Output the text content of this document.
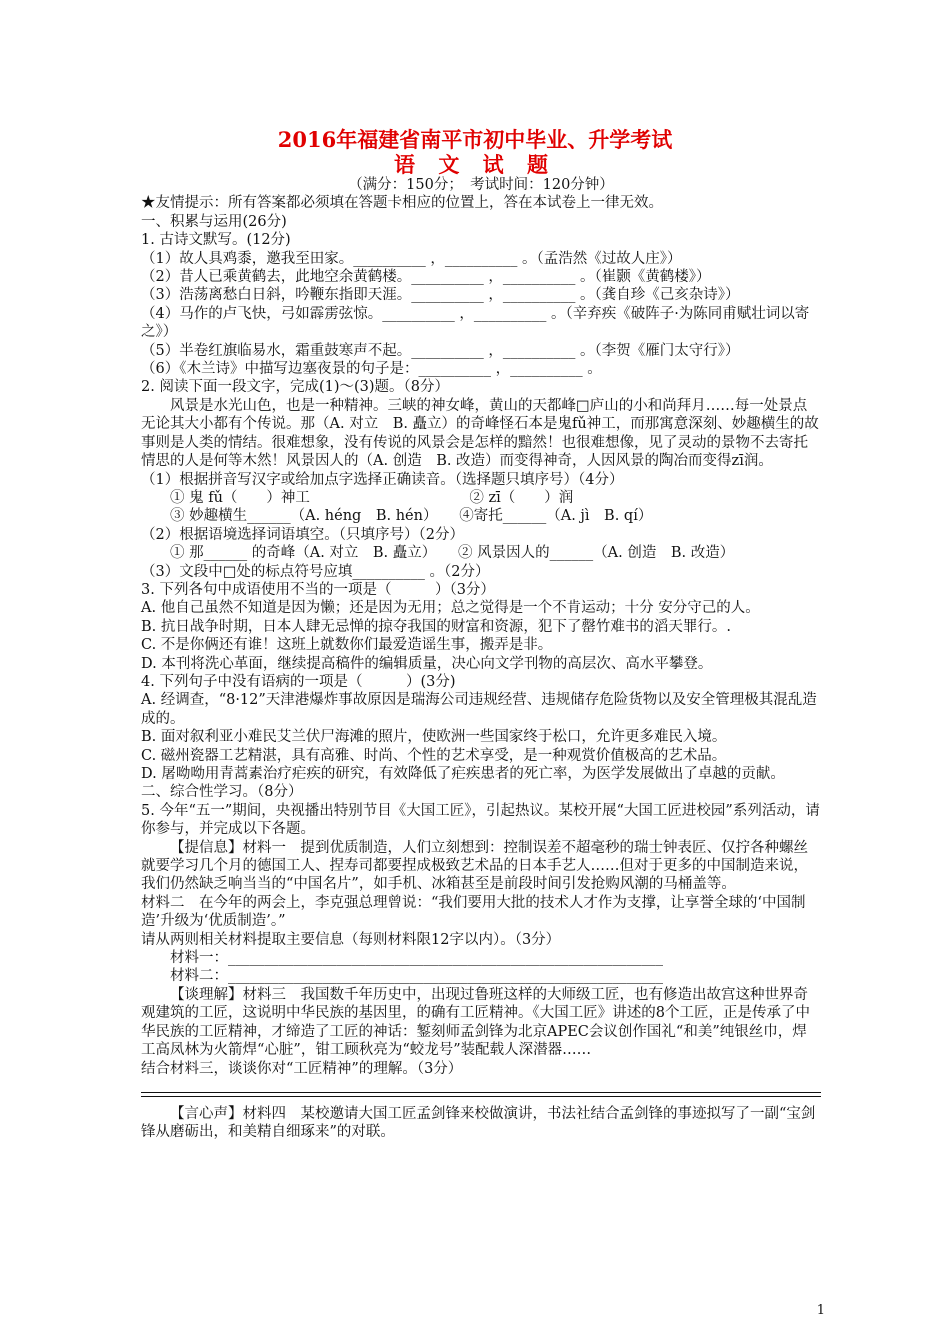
2016年福建省南平市初中毕业、升学考试
语 文 试 题

（满分：150分；　考试时间：120分钟）

★友情提示：所有答案都必须填在答题卡相应的位置上，答在本试卷上一律无效。

一、积累与运用(26分)

1. 古诗文默写。(12分)

（1）故人具鸡黍，邀我至田家。__________ ，__________ 。（孟浩然《过故人庄》）

（2）昔人已乘黄鹤去，此地空余黄鹤楼。__________ ，__________ 。（崔颢《黄鹤楼》）

（3）浩荡离愁白日斜，吟鞭东指即天涯。__________ ，__________ 。（龚自珍《己亥杂诗》）

（4）马作的卢飞快，弓如霹雳弦惊。__________ ，__________ 。（辛弃疾《破阵子·为陈同甫赋壮词以寄之》）

（5）半卷红旗临易水，霜重鼓寒声不起。__________ ，__________ 。（李贺《雁门太守行》）

（6）《木兰诗》中描写边塞夜景的句子是：__________ ，__________ 。

2. 阅读下面一段文字，完成(1)～(3)题。（8分）

风景是水光山色，也是一种精神。三峡的神女峰，黄山的天都峰□庐山的小和尚拜月……每一处景点无论其大小都有个传说。那（A. 对立　B. 矗立）的奇峰怪石本是鬼fǔ神工，而那寓意深刻、妙趣横生的故事则是人类的情结。很难想象，没有传说的风景会是怎样的黯然！也很难想像，见了灵动的景物不去寄托情思的人是何等木然！风景因人的（A. 创造　B. 改造）而变得神奇，人因风景的陶冶而变得zī润。

（1）根据拼音写汉字或给加点字选择正确读音。（选择题只填序号）（4分）

　　① 鬼 fǔ（　　）神工　　　　　　　　　　　② zī（　　）润

　　③ 妙趣横生______（A. héng　B. hén）　　④寄托______（A. jì　B. qí）

（2）根据语境选择词语填空。（只填序号）（2分）

　　① 那______ 的奇峰（A. 对立　B. 矗立）　　② 风景因人的______（A. 创造　B. 改造）

（3）文段中□处的标点符号应填__________ 。（2分）

3. 下列各句中成语使用不当的一项是（　　　）（3分）

A. 他自己虽然不知道是因为懒；还是因为无用；总之觉得是一个不肯运动；十分 安分守己的人。

B. 抗日战争时期，日本人肆无忌惮的掠夺我国的财富和资源，犯下了罄竹难书的滔天罪行。.

C. 不是你俩还有谁！这班上就数你们最爱造谣生事，搬弄是非。

D. 本刊将洗心革面，继续提高稿件的编辑质量，决心向文学刊物的高层次、高水平攀登。

4. 下列句子中没有语病的一项是（　　　）(3分)

A. 经调查，“8·12”天津港爆炸事故原因是瑞海公司违规经营、违规储存危险货物以及安全管理极其混乱造成的。

B. 面对叙利亚小难民艾兰伏尸海滩的照片，使欧洲一些国家终于松口，允许更多难民入境。

C. 磁州瓷器工艺精湛，具有高雅、时尚、个性的艺术享受，是一种观赏价值极高的艺术品。

D. 屠呦呦用青蒿素治疗疟疾的研究，有效降低了疟疾患者的死亡率，为医学发展做出了卓越的贡献。

二、综合性学习。（8分）

5. 今年“五一”期间，央视播出特别节目《大国工匠》，引起热议。某校开展“大国工匠进校园”系列活动，请你参与，并完成以下各题。

【提信息】材料一　提到优质制造，人们立刻想到：控制误差不超毫秒的瑞士钟表匠、仅拧各种螺丝就要学习几个月的德国工人、捏寿司都要捏成极致艺术品的日本手艺人……但对于更多的中国制造来说，我们仍然缺乏响当当的“中国名片”，如手机、冰箱甚至是前段时间引发抢购风潮的马桶盖等。

材料二　在今年的两会上，李克强总理曾说：“我们要用大批的技术人才作为支撑，让享誉全球的‘中国制造’升级为‘优质制造’。”

请从两则相关材料提取主要信息（每则材料限12字以内）。（3分）

　　材料一：____________________________________________________________

　　材料二：____________________________________________________________

【谈理解】材料三　我国数千年历史中，出现过鲁班这样的大师级工匠，也有修造出故宫这种世界奇观建筑的工匠，这说明中华民族的基因里，的确有工匠精神。《大国工匠》讲述的8个工匠，正是传承了中华民族的工匠精神，才缔造了工匠的神话：錾刻师孟剑锋为北京APEC会议创作国礼“和美”纯银丝巾，焊工高凤林为火箭焊“心脏”，钳工顾秋亮为“蛟龙号”装配载人深潜器……

结合材料三，谈谈你对“工匠精神”的理解。（3分）

【言心声】材料四　某校邀请大国工匠孟剑锋来校做演讲，书法社结合孟剑锋的事迹拟写了一副“宝剑锋从磨砺出，和美精自细琢来”的对联。

1
